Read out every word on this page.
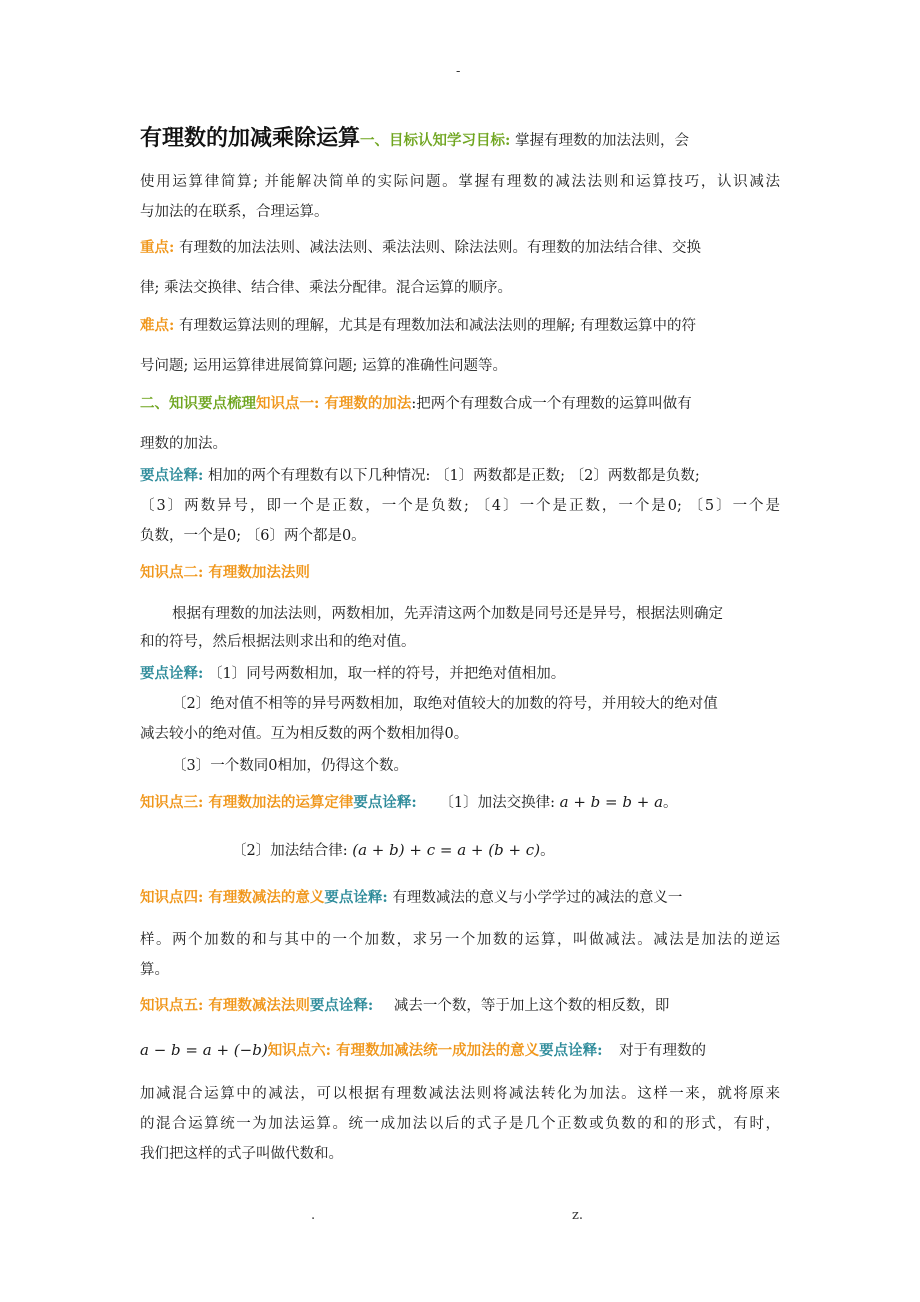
-
有理数的加减乘除运算一、目标认知学习目标: 掌握有理数的加法法则，会
使用运算律简算; 并能解决简单的实际问题。掌握有理数的减法法则和运算技巧，认识减法
与加法的在联系，合理运算。
重点: 有理数的加法法则、减法法则、乘法法则、除法法则。有理数的加法结合律、交换
律; 乘法交换律、结合律、乘法分配律。混合运算的顺序。
难点: 有理数运算法则的理解，尤其是有理数加法和减法法则的理解; 有理数运算中的符
号问题; 运用运算律进展简算问题; 运算的准确性问题等。
二、知识要点梳理知识点一: 有理数的加法:把两个有理数合成一个有理数的运算叫做有
理数的加法。
要点诠释: 相加的两个有理数有以下几种情况: 〔1〕两数都是正数; 〔2〕两数都是负数;
〔3〕两数异号，即一个是正数，一个是负数; 〔4〕一个是正数，一个是0; 〔5〕一个是
负数，一个是0; 〔6〕两个都是0。
知识点二: 有理数加法法则
根据有理数的加法法则，两数相加，先弄清这两个加数是同号还是异号，根据法则确定
和的符号，然后根据法则求出和的绝对值。
要点诠释: 〔1〕同号两数相加，取一样的符号，并把绝对值相加。
〔2〕绝对值不相等的异号两数相加，取绝对值较大的加数的符号，并用较大的绝对值
减去较小的绝对值。互为相反数的两个数相加得0。
〔3〕一个数同0相加，仍得这个数。
知识点三: 有理数加法的运算定律要点诠释: 〔1〕加法交换律: a + b = b + a。
〔2〕加法结合律: (a + b) + c = a + (b + c)。
知识点四: 有理数减法的意义要点诠释: 有理数减法的意义与小学学过的减法的意义一
样。两个加数的和与其中的一个加数，求另一个加数的运算，叫做减法。减法是加法的逆运
算。
知识点五: 有理数减法法则要点诠释: 减去一个数，等于加上这个数的相反数，即
a − b = a + (−b)知识点六: 有理数加减法统一成加法的意义要点诠释: 对于有理数的
加减混合运算中的减法，可以根据有理数减法法则将减法转化为加法。这样一来，就将原来
的混合运算统一为加法运算。统一成加法以后的式子是几个正数或负数的和的形式，有时，
我们把这样的式子叫做代数和。
.	z.
